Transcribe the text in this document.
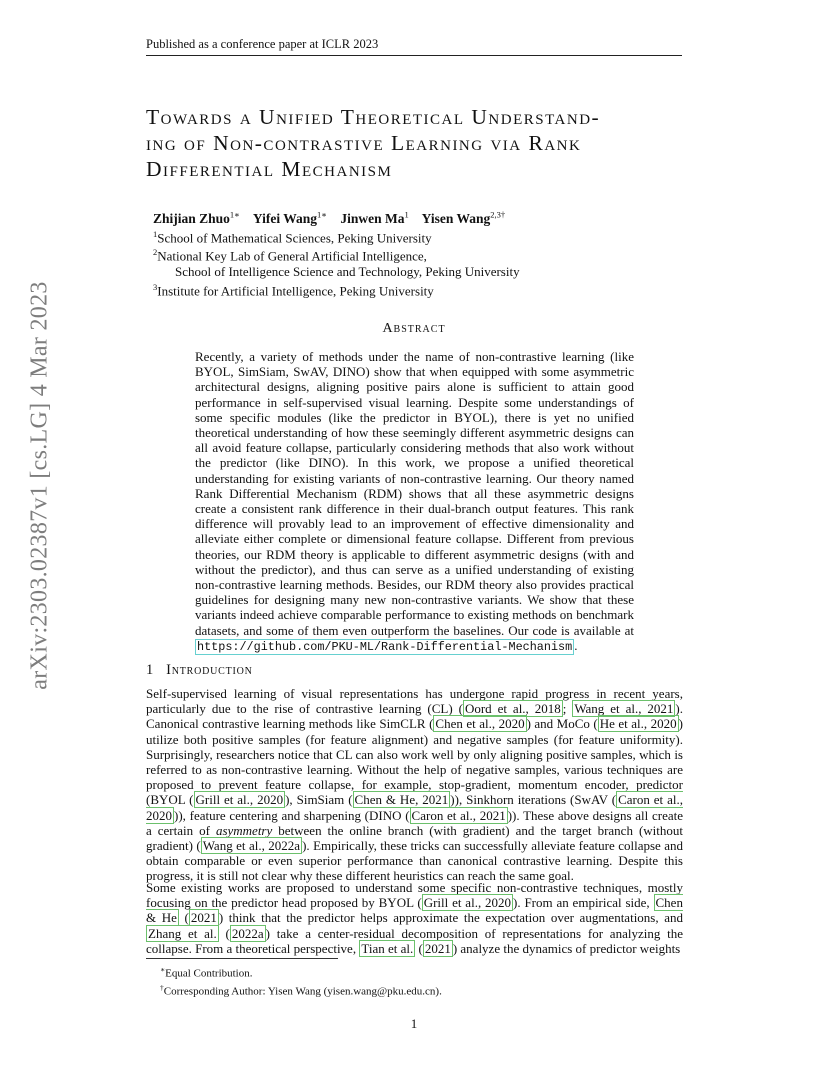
Published as a conference paper at ICLR 2023
arXiv:2303.02387v1 [cs.LG] 4 Mar 2023
Towards a Unified Theoretical Understand-
ing of Non-contrastive Learning via Rank
Differential Mechanism
Zhijian Zhuo$^{1∗}$ Yifei Wang$^{1∗}$ Jinwen Ma$^1$ Yisen Wang$^{2,3\dagger}$
$^1$School of Mathematical Sciences, Peking University
$^2$National Key Lab of General Artificial Intelligence,
School of Intelligence Science and Technology, Peking University
$^3$Institute for Artificial Intelligence, Peking University
Abstract
Recently, a variety of methods under the name of non-contrastive learning (like BYOL, SimSiam, SwAV, DINO) show that when equipped with some asymmetric architectural designs, aligning positive pairs alone is sufficient to attain good performance in self-supervised visual learning. Despite some understandings of some specific modules (like the predictor in BYOL), there is yet no unified theoretical understanding of how these seemingly different asymmetric designs can all avoid feature collapse, particularly considering methods that also work without the predictor (like DINO). In this work, we propose a unified theoretical understanding for existing variants of non-contrastive learning. Our theory named Rank Differential Mechanism (RDM) shows that all these asymmetric designs create a consistent rank difference in their dual-branch output features. This rank difference will provably lead to an improvement of effective dimensionality and alleviate either complete or dimensional feature collapse. Different from previous theories, our RDM theory is applicable to different asymmetric designs (with and without the predictor), and thus can serve as a unified understanding of existing non-contrastive learning methods. Besides, our RDM theory also provides practical guidelines for designing many new non-contrastive variants. We show that these variants indeed achieve comparable performance to existing methods on benchmark datasets, and some of them even outperform the baselines. Our code is available at https://github.com/PKU-ML/Rank-Differential-Mechanism .
1 Introduction

Self-supervised learning of visual representations has undergone rapid progress in recent years, particularly due to the rise of contrastive learning (CL) ( Oord et al., 2018 ; Wang et al., 2021 ). Canonical contrastive learning methods like SimCLR ( Chen et al., 2020 ) and MoCo ( He et al., 2020 ) utilize both positive samples (for feature alignment) and negative samples (for feature uniformity). Surprisingly, researchers notice that CL can also work well by only aligning positive samples, which is referred to as non-contrastive learning. Without the help of negative samples, various techniques are proposed to prevent feature collapse, for example, stop-gradient, momentum encoder, predictor (BYOL ( Grill et al., 2020 ), SimSiam ( Chen & He, 2021 )), Sinkhorn iterations (SwAV ( Caron et al., 2020 )), feature centering and sharpening (DINO ( Caron et al., 2021 )). These above designs all create a certain of asymmetry between the online branch (with gradient) and the target branch (without gradient) ( Wang et al., 2022a ). Empirically, these tricks can successfully alleviate feature collapse and obtain comparable or even superior performance than canonical contrastive learning. Despite this progress, it is still not clear why these different heuristics can reach the same goal.

Some existing works are proposed to understand some specific non-contrastive techniques, mostly focusing on the predictor head proposed by BYOL ( Grill et al., 2020 ). From an empirical side, Chen & He ( 2021 ) think that the predictor helps approximate the expectation over augmentations, and Zhang et al. ( 2022a ) take a center-residual decomposition of representations for analyzing the collapse. From a theoretical perspective, Tian et al. ( 2021 ) analyze the dynamics of predictor weights

∗Equal Contribution.
†Corresponding Author: Yisen Wang (yisen.wang@pku.edu.cn).
1
